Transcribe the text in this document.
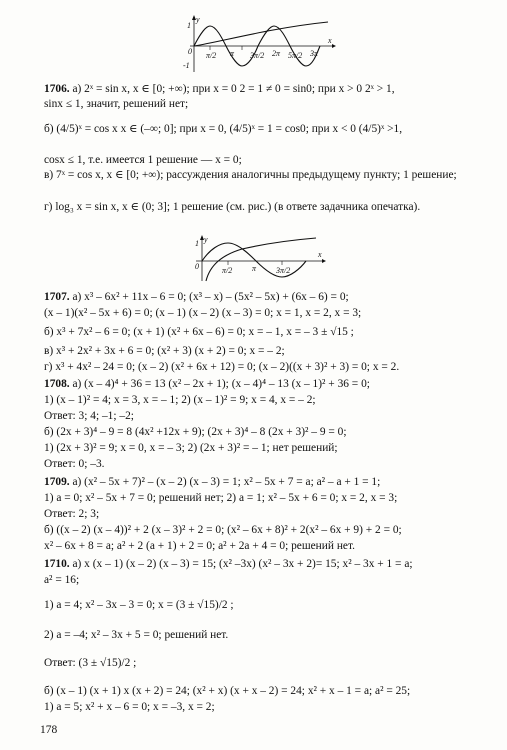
y
x
1
-1
0 π/2 π 3π/2 2π 5π/2 3π
1706. а) 2ˣ = sin x, x ∈ [0; +∞); при x = 0 2 = 1 ≠ 0 = sin0; при x > 0 2ˣ > 1,
sinx ≤ 1, значит, решений нет;
б) (4/5)ˣ = cos x x ∈ (–∞; 0]; при x = 0, (4/5)ˣ = 1 = cos0; при x < 0 (4/5)ˣ >1,
cosx ≤ 1, т.е. имеется 1 решение — x = 0;
в) 7ˣ = cos x, x ∈ [0; +∞); рассуждения аналогичны предыдущему пункту; 1 решение;
г) log₃ x = sin x, x ∈ (0; 3]; 1 решение (см. рис.) (в ответе задачника опечатка).
y
x
1
0	π/2 π 3π/2
1707. а) x³ – 6x² + 11x – 6 = 0; (x³ – x) – (5x² – 5x) + (6x – 6) = 0;
(x – 1)(x² – 5x + 6) = 0; (x – 1) (x – 2) (x – 3) = 0; x = 1, x = 2, x = 3;
б) x³ + 7x² – 6 = 0; (x + 1) (x² + 6x – 6) = 0; x = – 1, x = – 3 ± √15 ;
в) x³ + 2x² + 3x + 6 = 0; (x² + 3) (x + 2) = 0; x = – 2;
г) x³ + 4x² – 24 = 0; (x – 2) (x² + 6x + 12) = 0; (x – 2)((x + 3)² + 3) = 0; x = 2.
1708. а) (x – 4)⁴ + 36 = 13 (x² – 2x + 1); (x – 4)⁴ – 13 (x – 1)² + 36 = 0;
1) (x – 1)² = 4; x = 3, x = – 1; 2) (x – 1)² = 9; x = 4, x = – 2;
Ответ: 3; 4; –1; –2;
б) (2x + 3)⁴ – 9 = 8 (4x² +12x + 9); (2x + 3)⁴ – 8 (2x + 3)² – 9 = 0;
1) (2x + 3)² = 9; x = 0, x = – 3; 2) (2x + 3)² = – 1; нет решений;
Ответ: 0; –3.
1709. а) (x² – 5x + 7)² – (x – 2) (x – 3) = 1; x² – 5x + 7 = a; a² – a + 1 = 1;
1) a = 0; x² – 5x + 7 = 0; решений нет; 2) a = 1; x² – 5x + 6 = 0; x = 2, x = 3;
Ответ: 2; 3;
б) ((x – 2) (x – 4))² + 2 (x – 3)² + 2 = 0; (x² – 6x + 8)² + 2(x² – 6x + 9) + 2 = 0;
x² – 6x + 8 = a; a² + 2 (a + 1) + 2 = 0; a² + 2a + 4 = 0; решений нет.
1710. а) x (x – 1) (x – 2) (x – 3) = 15; (x² –3x) (x² – 3x + 2)= 15; x² – 3x + 1 = a;
a² = 16;
1) a = 4; x² – 3x – 3 = 0; x = (3 ± √15)/2 ;
2) a = –4; x² – 3x + 5 = 0; решений нет.
Ответ: (3 ± √15)/2 ;
б) (x – 1) (x + 1) x (x + 2) = 24; (x² + x) (x + x – 2) = 24; x² + x – 1 = a; a² = 25;
1) a = 5; x² + x – 6 = 0; x = –3, x = 2;
178
